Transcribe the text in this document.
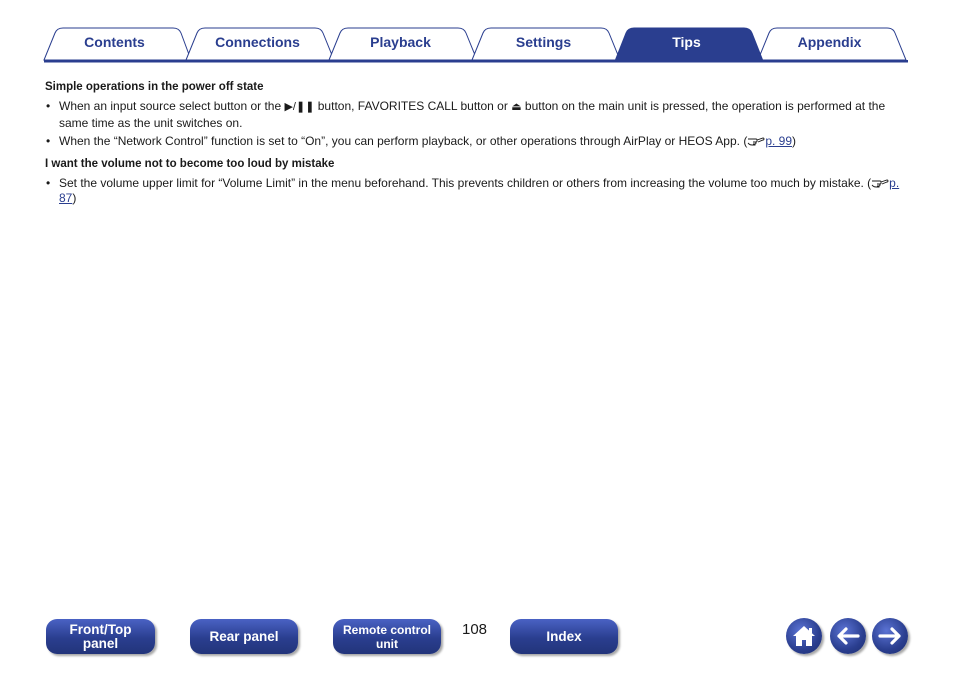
Contents	Connections	Playback	Settings	Tips	Appendix
Simple operations in the power off state
• When an input source select button or the ▶/❚❚ button, FAVORITES CALL button or ⏏ button on the main unit is pressed, the operation is performed at the same time as the unit switches on.
• When the “Network Control” function is set to “On”, you can perform playback, or other operations through AirPlay or HEOS App. ( p. 99)
I want the volume not to become too loud by mistake
• Set the volume upper limit for “Volume Limit” in the menu beforehand. This prevents children or others from increasing the volume too much by mistake. ( p. 87)
Front/Top
panel	Rear panel	Remote control
unit
108	Index
